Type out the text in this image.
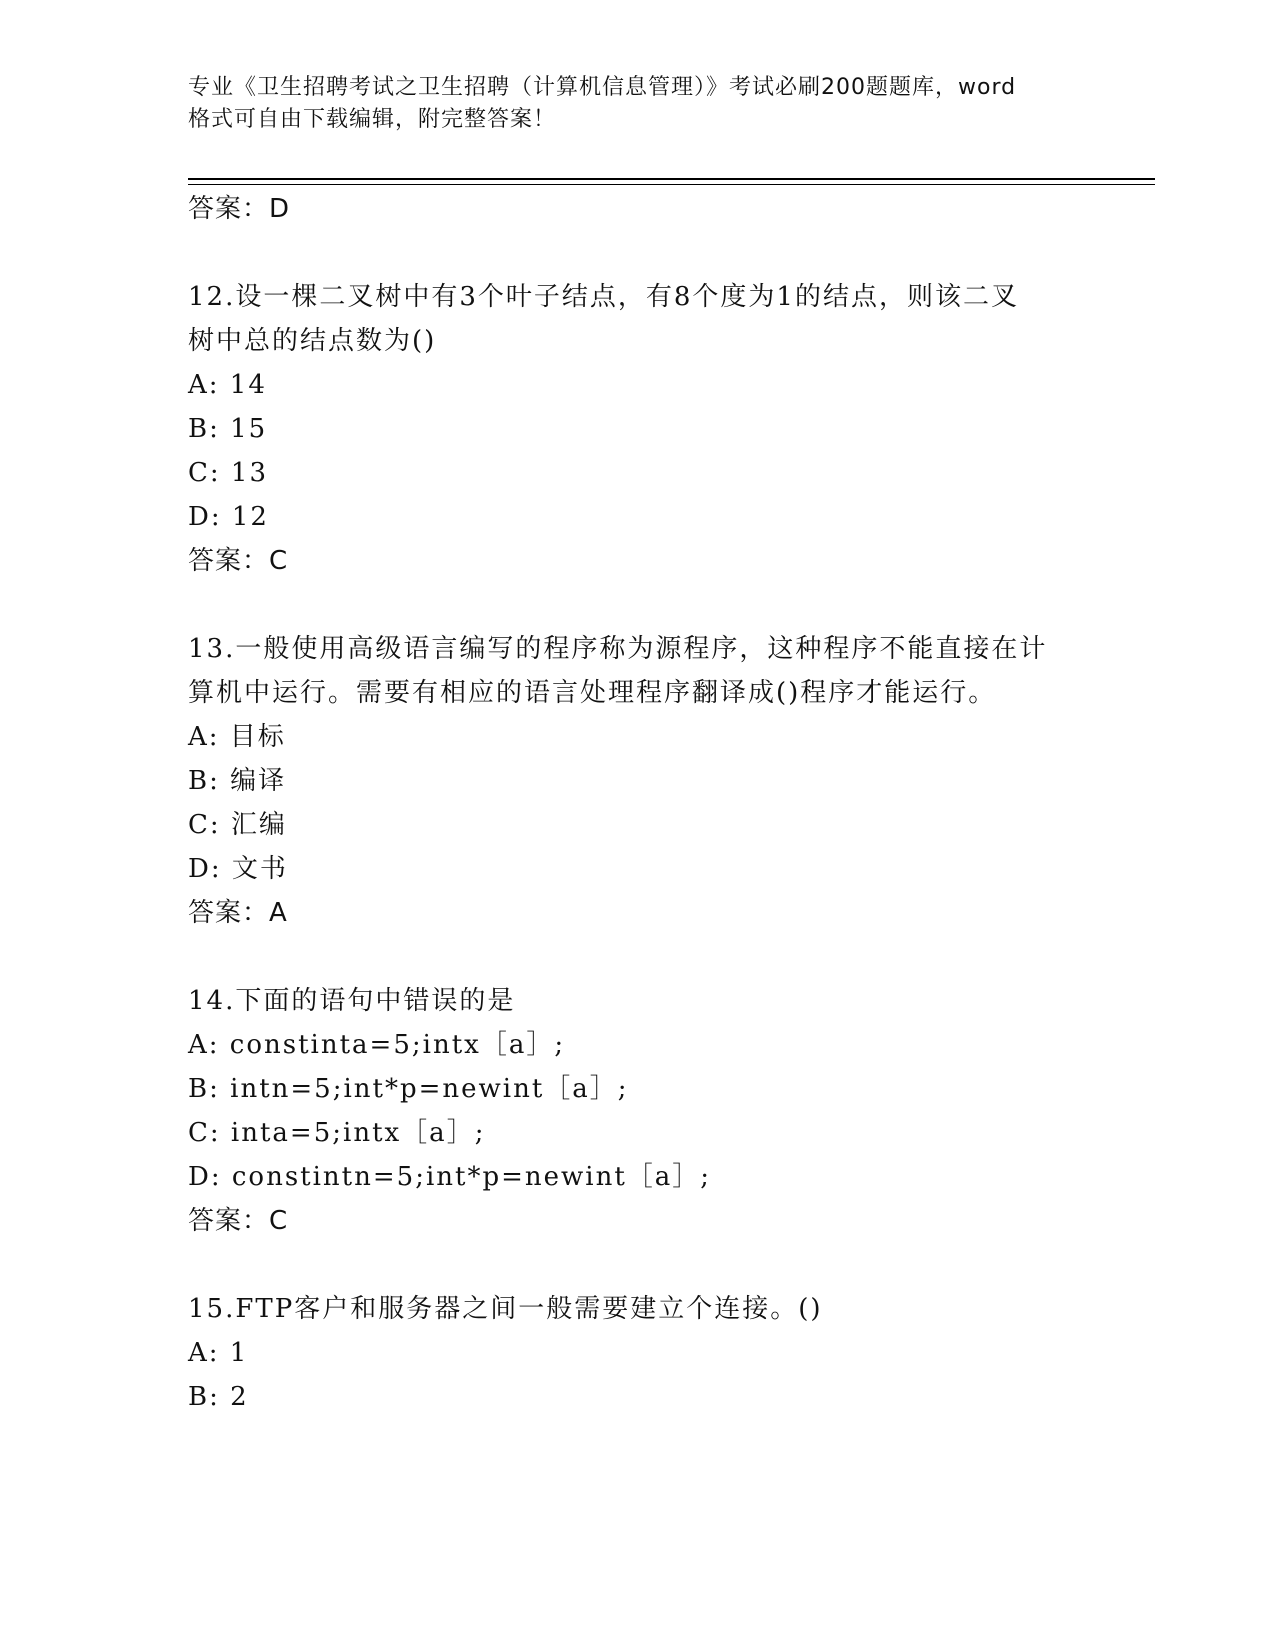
专业《卫生招聘考试之卫生招聘（计算机信息管理）》考试必刷200题题库，word
格式可自由下载编辑，附完整答案！
答案：D
12.设一棵二叉树中有3个叶子结点，有8个度为1的结点，则该二叉
树中总的结点数为()
A: 14
B: 15
C: 13
D: 12
答案：C
13.一般使用高级语言编写的程序称为源程序，这种程序不能直接在计
算机中运行。需要有相应的语言处理程序翻译成()程序才能运行。
A: 目标
B: 编译
C: 汇编
D: 文书
答案：A
14.下面的语句中错误的是
A: constinta=5;intx［a］;
B: intn=5;int*p=newint［a］;
C: inta=5;intx［a］;
D: constintn=5;int*p=newint［a］;
答案：C
15.FTP客户和服务器之间一般需要建立个连接。()
A: 1
B: 2
